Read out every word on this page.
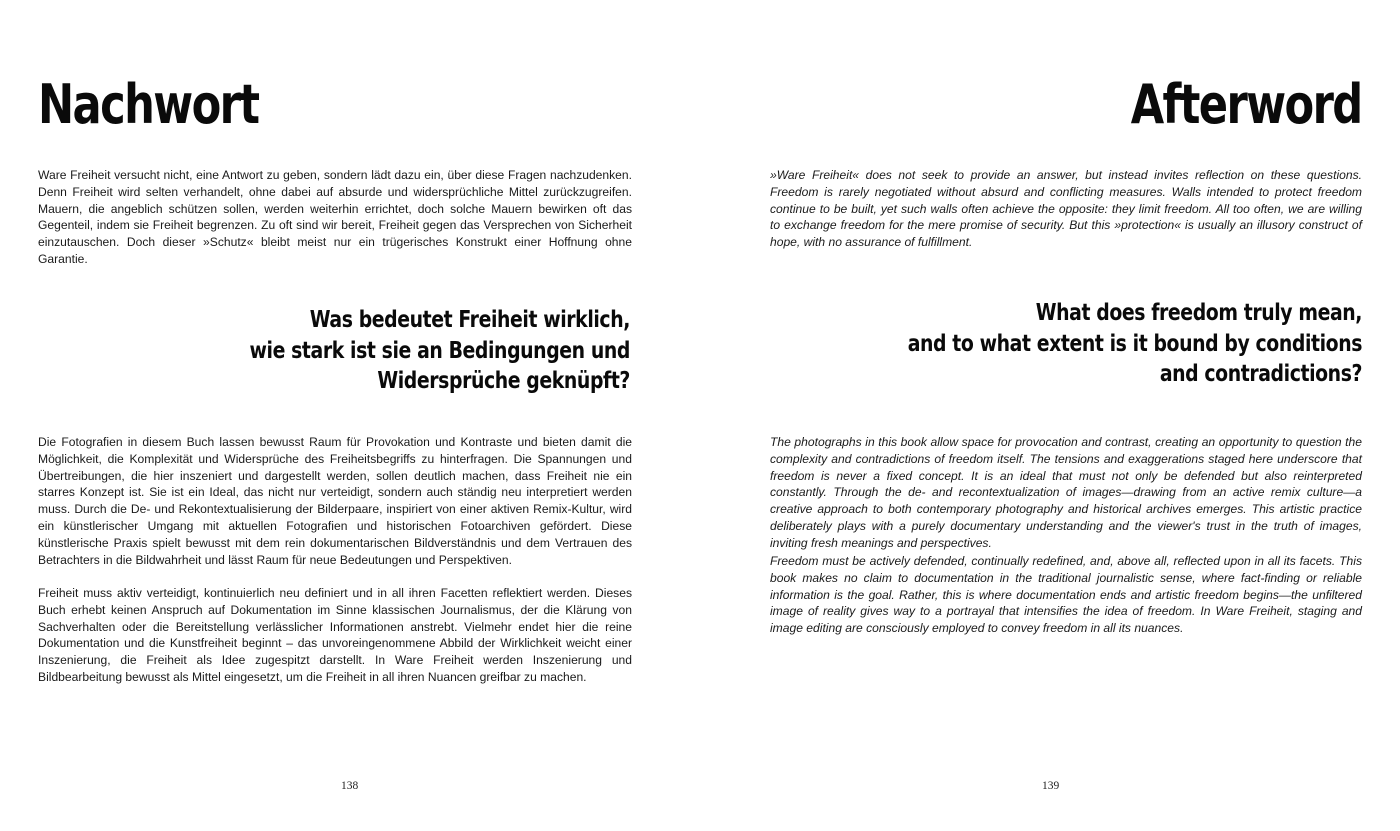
Nachwort

Ware Freiheit versucht nicht, eine Antwort zu geben, sondern lädt dazu ein, über diese Fragen nachzudenken. Denn Freiheit wird selten verhandelt, ohne dabei auf absurde und widersprüchliche Mittel zurückzugreifen. Mauern, die angeblich schützen sollen, werden weiterhin errichtet, doch solche Mauern bewirken oft das Gegenteil, indem sie Freiheit begrenzen. Zu oft sind wir bereit, Freiheit gegen das Versprechen von Sicherheit einzutauschen. Doch dieser »Schutz« bleibt meist nur ein trügerisches Konstrukt einer Hoffnung ohne Garantie.

Was bedeutet Freiheit wirklich,
wie stark ist sie an Bedingungen und
Widersprüche geknüpft?

Die Fotografien in diesem Buch lassen bewusst Raum für Provokation und Kontraste und bieten damit die Möglichkeit, die Komplexität und Widersprüche des Freiheitsbegriffs zu hinterfragen. Die Spannungen und Übertreibungen, die hier inszeniert und dargestellt werden, sollen deutlich machen, dass Freiheit nie ein starres Konzept ist. Sie ist ein Ideal, das nicht nur verteidigt, sondern auch ständig neu interpretiert werden muss. Durch die De- und Rekontextualisierung der Bilderpaare, inspiriert von einer aktiven Remix-Kultur, wird ein künstlerischer Umgang mit aktuellen Fotografien und historischen Fotoarchiven gefördert. Diese künstlerische Praxis spielt bewusst mit dem rein dokumentarischen Bildverständnis und dem Vertrauen des Betrachters in die Bildwahrheit und lässt Raum für neue Bedeutungen und Perspektiven.

Freiheit muss aktiv verteidigt, kontinuierlich neu definiert und in all ihren Facetten reflektiert werden. Dieses Buch erhebt keinen Anspruch auf Dokumentation im Sinne klassischen Journalismus, der die Klärung von Sachverhalten oder die Bereitstellung verlässlicher Informationen anstrebt. Vielmehr endet hier die reine Dokumentation und die Kunstfreiheit beginnt – das unvoreingenommene Abbild der Wirklichkeit weicht einer Inszenierung, die Freiheit als Idee zugespitzt darstellt. In Ware Freiheit werden Inszenierung und Bildbearbeitung bewusst als Mittel eingesetzt, um die Freiheit in all ihren Nuancen greifbar zu machen.

138
Afterword

»Ware Freiheit« does not seek to provide an answer, but instead invites reflection on these questions. Freedom is rarely negotiated without absurd and conflicting measures. Walls intended to protect freedom continue to be built, yet such walls often achieve the opposite: they limit freedom. All too often, we are willing to exchange freedom for the mere promise of security. But this »protection« is usually an illusory construct of hope, with no assurance of fulfillment.

What does freedom truly mean,
and to what extent is it bound by conditions
and contradictions?

The photographs in this book allow space for provocation and contrast, creating an opportunity to question the complexity and contradictions of freedom itself. The tensions and exaggerations staged here underscore that freedom is never a fixed concept. It is an ideal that must not only be defended but also reinterpreted constantly. Through the de- and recontextualization of images—drawing from an active remix culture—a creative approach to both contemporary photography and historical archives emerges. This artistic practice deliberately plays with a purely documentary understanding and the viewer's trust in the truth of images, inviting fresh meanings and perspectives.

Freedom must be actively defended, continually redefined, and, above all, reflected upon in all its facets. This book makes no claim to documentation in the traditional journalistic sense, where fact-finding or reliable information is the goal. Rather, this is where documentation ends and artistic freedom begins—the unfiltered image of reality gives way to a portrayal that intensifies the idea of freedom. In Ware Freiheit, staging and image editing are consciously employed to convey freedom in all its nuances.

139
